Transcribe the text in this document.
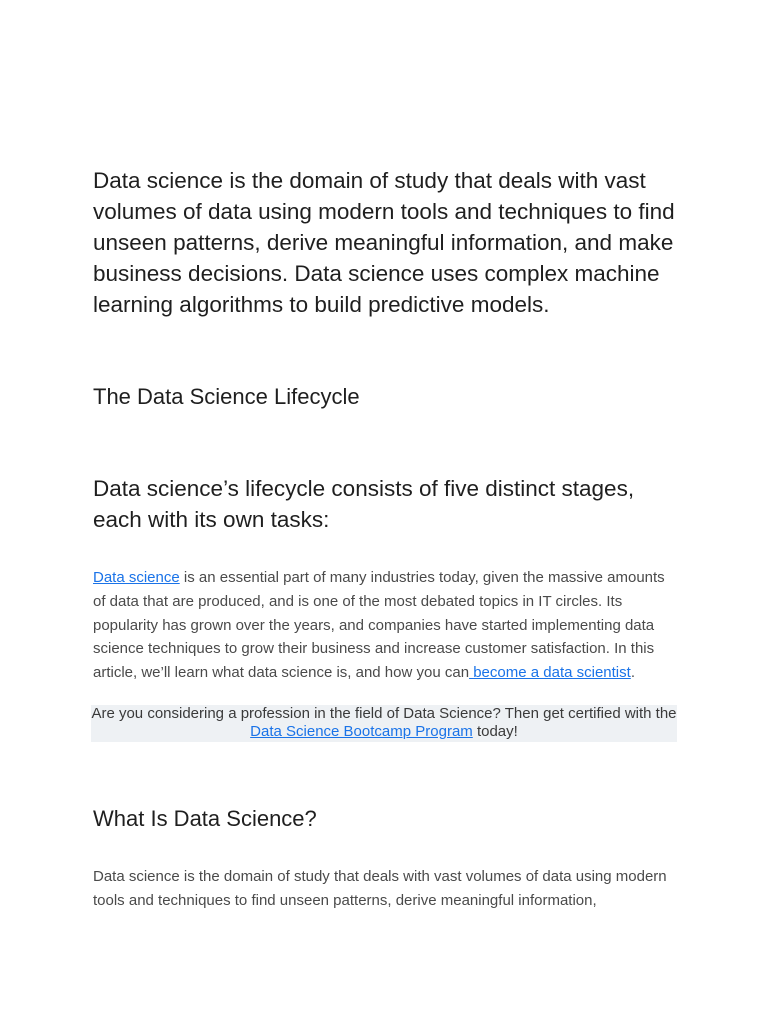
Data science is the domain of study that deals with vast volumes of data using modern tools and techniques to find unseen patterns, derive meaningful information, and make business decisions. Data science uses complex machine learning algorithms to build predictive models.

The Data Science Lifecycle
Data science’s lifecycle consists of five distinct stages, each with its own tasks:

Data science is an essential part of many industries today, given the massive amounts of data that are produced, and is one of the most debated topics in IT circles. Its popularity has grown over the years, and companies have started implementing data science techniques to grow their business and increase customer satisfaction. In this article, we’ll learn what data science is, and how you can become a data scientist.

Are you considering a profession in the field of Data Science? Then get certified with the Data Science Bootcamp Program today!
What Is Data Science?

Data science is the domain of study that deals with vast volumes of data using modern tools and techniques to find unseen patterns, derive meaningful information,
